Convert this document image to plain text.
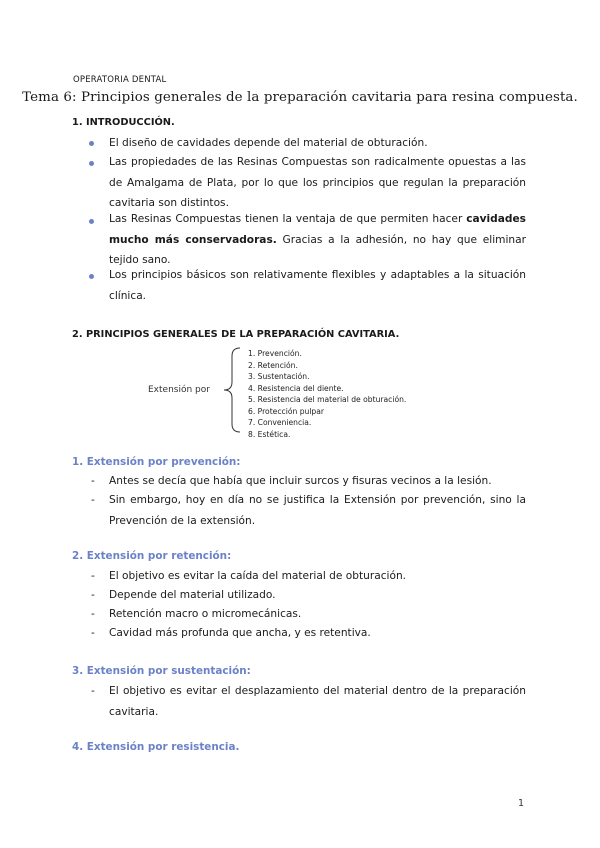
OPERATORIA DENTAL
Tema 6: Principios generales de la preparación cavitaria para resina compuesta.
1. INTRODUCCIÓN.
El diseño de cavidades depende del material de obturación.
Las propiedades de las Resinas Compuestas son radicalmente opuestas a las de Amalgama de Plata, por lo que los principios que regulan la preparación cavitaria son distintos.
Las Resinas Compuestas tienen la ventaja de que permiten hacer cavidades mucho más conservadoras. Gracias a la adhesión, no hay que eliminar tejido sano.
Los principios básicos son relativamente flexibles y adaptables a la situación clínica.
2. PRINCIPIOS GENERALES DE LA PREPARACIÓN CAVITARIA.
Extensión por
1. Prevención.
2. Retención.
3. Sustentación.
4. Resistencia del diente.
5. Resistencia del material de obturación.
6. Protección pulpar
7. Conveniencia.
8. Estética.
1. Extensión por prevención:
- Antes se decía que había que incluir surcos y fisuras vecinos a la lesión.
- Sin embargo, hoy en día no se justifica la Extensión por prevención, sino la Prevención de la extensión.
2. Extensión por retención:
- El objetivo es evitar la caída del material de obturación.
- Depende del material utilizado.
- Retención macro o micromecánicas.
- Cavidad más profunda que ancha, y es retentiva.
3. Extensión por sustentación:
- El objetivo es evitar el desplazamiento del material dentro de la preparación cavitaria.
4. Extensión por resistencia.
1
